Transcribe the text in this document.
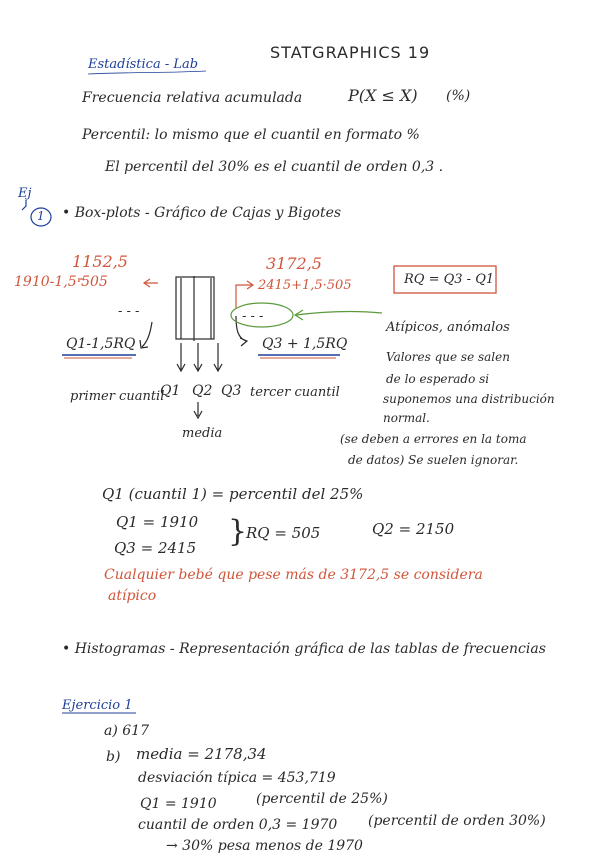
STATGRAPHICS 19
Estadística - Lab
Frecuencia relativa acumulada	P(X ≤ X) (%)
Percentil: lo mismo que el cuantil en formato %
El percentil del 30% es el cuantil de orden 0,3 .
Ej
1 • Box-plots - Gráfico de Cajas y Bigotes
1152,5
1910-1,5·505
3172,5
2415+1,5·505
- - -	- - -
RQ = Q3 - Q1
Q1-1,5RQ	Q3 + 1,5RQ
Atípicos, anómalos
Valores que se salen
de lo esperado si
suponemos una distribución
normal.
(se deben a errores en la toma
de datos) Se suelen ignorar.
primer cuantil
Q1 Q2 Q3 tercer cuantil
media
Q1 (cuantil 1) = percentil del 25%
Q1 = 1910
Q3 = 2415 }
RQ = 505	Q2 = 2150
Cualquier bebé que pese más de 3172,5 se considera
atípico
• Histogramas - Representación gráfica de las tablas de frecuencias
Ejercicio 1
a) 617
b) media = 2178,34
desviación típica = 453,719
Q1 = 1910	(percentil de 25%)
cuantil de orden 0,3 = 1970 (percentil de orden 30%)
→ 30% pesa menos de 1970
